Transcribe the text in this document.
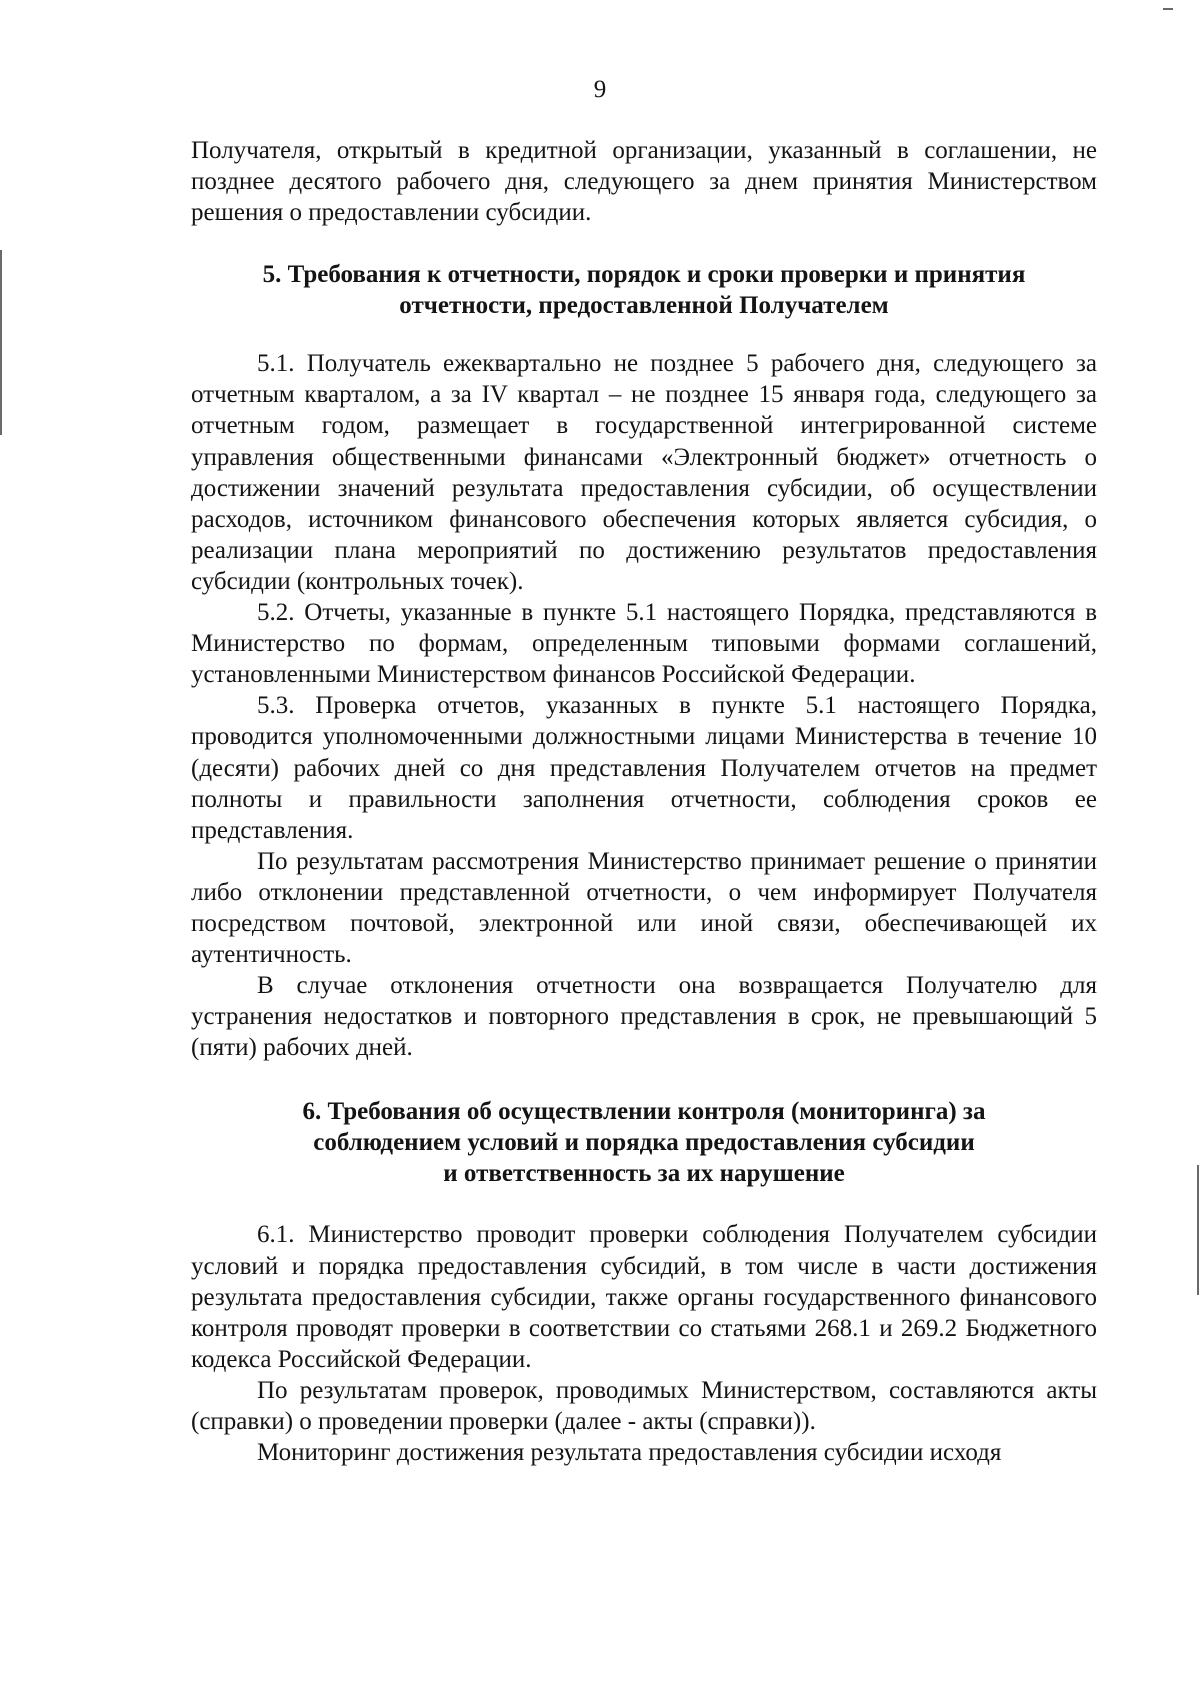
9

Получателя, открытый в кредитной организации, указанный в соглашении, не позднее десятого рабочего дня, следующего за днем принятия Министерством решения о предоставлении субсидии.

5. Требования к отчетности, порядок и сроки проверки и принятия
отчетности, предоставленной Получателем

5.1. Получатель ежеквартально не позднее 5 рабочего дня, следующего за отчетным кварталом, а за IV квартал – не позднее 15 января года, следующего за отчетным годом, размещает в государственной интегрированной системе управления общественными финансами «Электронный бюджет» отчетность о достижении значений результата предоставления субсидии, об осуществлении расходов, источником финансового обеспечения которых является субсидия, о реализации плана мероприятий по достижению результатов предоставления субсидии (контрольных точек).

5.2. Отчеты, указанные в пункте 5.1 настоящего Порядка, представляются в Министерство по формам, определенным типовыми формами соглашений, установленными Министерством финансов Российской Федерации.

5.3. Проверка отчетов, указанных в пункте 5.1 настоящего Порядка, проводится уполномоченными должностными лицами Министерства в течение 10 (десяти) рабочих дней со дня представления Получателем отчетов на предмет полноты и правильности заполнения отчетности, соблюдения сроков ее представления.

По результатам рассмотрения Министерство принимает решение о принятии либо отклонении представленной отчетности, о чем информирует Получателя посредством почтовой, электронной или иной связи, обеспечивающей их аутентичность.

В случае отклонения отчетности она возвращается Получателю для устранения недостатков и повторного представления в срок, не превышающий 5 (пяти) рабочих дней.

6. Требования об осуществлении контроля (мониторинга) за
соблюдением условий и порядка предоставления субсидии
и ответственность за их нарушение

6.1. Министерство проводит проверки соблюдения Получателем субсидии условий и порядка предоставления субсидий, в том числе в части достижения результата предоставления субсидии, также органы государственного финансового контроля проводят проверки в соответствии со статьями 268.1 и 269.2 Бюджетного кодекса Российской Федерации.

По результатам проверок, проводимых Министерством, составляются акты (справки) о проведении проверки (далее - акты (справки)).

Мониторинг достижения результата предоставления субсидии исходя
